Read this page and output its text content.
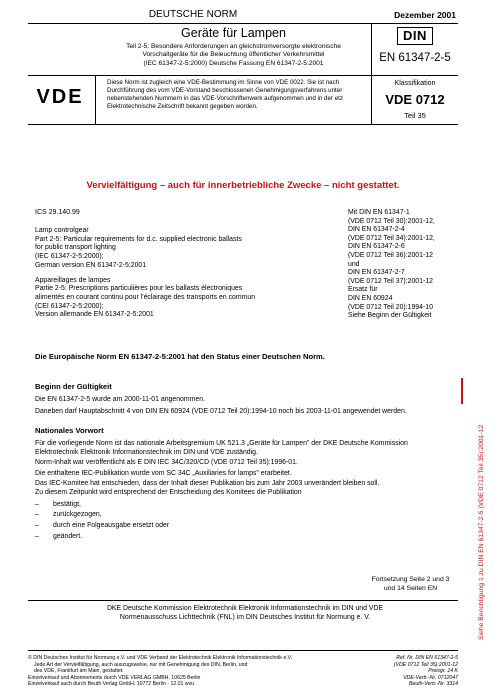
DEUTSCHE NORM	Dezember 2001
Geräte für Lampen
Teil 2-5: Besondere Anforderungen an gleichstromversorgte elektronische
Vorschaltgeräte für die Beleuchtung öffentlicher Verkehrsmittel
(IEC 61347-2-5:2000) Deutsche Fassung EN 61347-2-5:2001
DIN
EN 61347-2-5
VDE
Diese Norm ist zugleich eine VDE-Bestimmung im Sinne von VDE 0022. Sie ist nach
Durchführung des vom VDE-Vorstand beschlossenen Genehmigungsverfahrens unter
nebenstehenden Nummern in das VDE-Vorschriftenwerk aufgenommen und in der etz
Elektrotechnische Zeitschrift bekannt gegeben worden.
Klassifikation
VDE 0712
Teil 35
Vervielfältigung – auch für innerbetriebliche Zwecke – nicht gestattet.
ICS 29.140.99

Lamp controlgear
Part 2-5: Particular requirements for d.c. supplied electronic ballasts
for public transport lighting
(IEC 61347-2-5:2000);
German version EN 61347-2-5:2001

Appareillages de lampes
Partie 2-5: Prescriptions particulières pour les ballasts électroniques
alimentés en courant continu pour l'éclairage des transports en commun
(CEI 61347-2-5:2000);
Version allemande EN 61347-2-5:2001

Mit DIN EN 61347-1
(VDE 0712 Teil 30):2001-12,
DIN EN 61347-2-4
(VDE 0712 Teil 34):2001-12,
DIN EN 61347-2-6
(VDE 0712 Teil 36):2001-12
und
DIN EN 61347-2-7
(VDE 0712 Teil 37):2001-12
Ersatz für
DIN EN 60924
(VDE 0712 Teil 20):1994-10
Siehe Beginn der Gültigkeit
Die Europäische Norm EN 61347-2-5:2001 hat den Status einer Deutschen Norm.
Beginn der Gültigkeit
Die EN 61347-2-5 wurde am 2000-11-01 angenommen.
Daneben darf Hauptabschnitt 4 von DIN EN 60924 (VDE 0712 Teil 20):1994-10 noch bis 2003-11-01 angewendet werden.
Nationales Vorwort
Für die vorliegende Norm ist das nationale Arbeitsgremium UK 521.3 „Geräte für Lampen" der DKE Deutsche Kommission
Elektrotechnik Elektronik Informationstechnik im DIN und VDE zuständig.
Norm-Inhalt war veröffentlicht als E DIN IEC 34C/320/CD (VDE 0712 Teil 35):1996-01.
Die enthaltene IEC-Publikation wurde vom SC 34C „Auxiliaries for lamps" erarbeitet.
Das IEC-Komitee hat entschieden, dass der Inhalt dieser Publikation bis zum Jahr 2003 unverändert bleiben soll.
Zu diesem Zeitpunkt wird entsprechend der Entscheidung des Komitees die Publikation
– bestätigt,
– zurückgezogen,
– durch eine Folgeausgabe ersetzt oder
– geändert.
Fortsetzung Seite 2 und 3
und 14 Seiten EN
DKE Deutsche Kommission Elektrotechnik Elektronik Informationstechnik im DIN und VDE
Normenausschuss Lichttechnik (FNL) im DIN Deutsches Institut für Normung e. V.
© DIN Deutsches Institut für Normung e.V. und VDE Verband der Elektrotechnik Elektronik Informationstechnik e.V.
Jede Art der Vervielfältigung, auch auszugsweise, nur mit Genehmigung des DIN, Berlin, und
des VDE, Frankfurt am Main, gestattet.
Einzelverkauf und Abonnements durch VDE VERLAG GMBH, 10625 Berlin
Einzelverkauf auch durch Beuth Verlag GmbH, 10772 Berlin · 12.01 wvu
Ref. Nr. DIN EN 61347-2-5
(VDE 0712 Teil 35):2001-12
Preisgr. 14 K
VDE-Vertr.-Nr. 0712047
Beuth-Vertr.-Nr. 3314
Siehe Berichtigung 1 zu DIN EN 61347-2-5 (VDE 0712 Teil 35):2001-12
